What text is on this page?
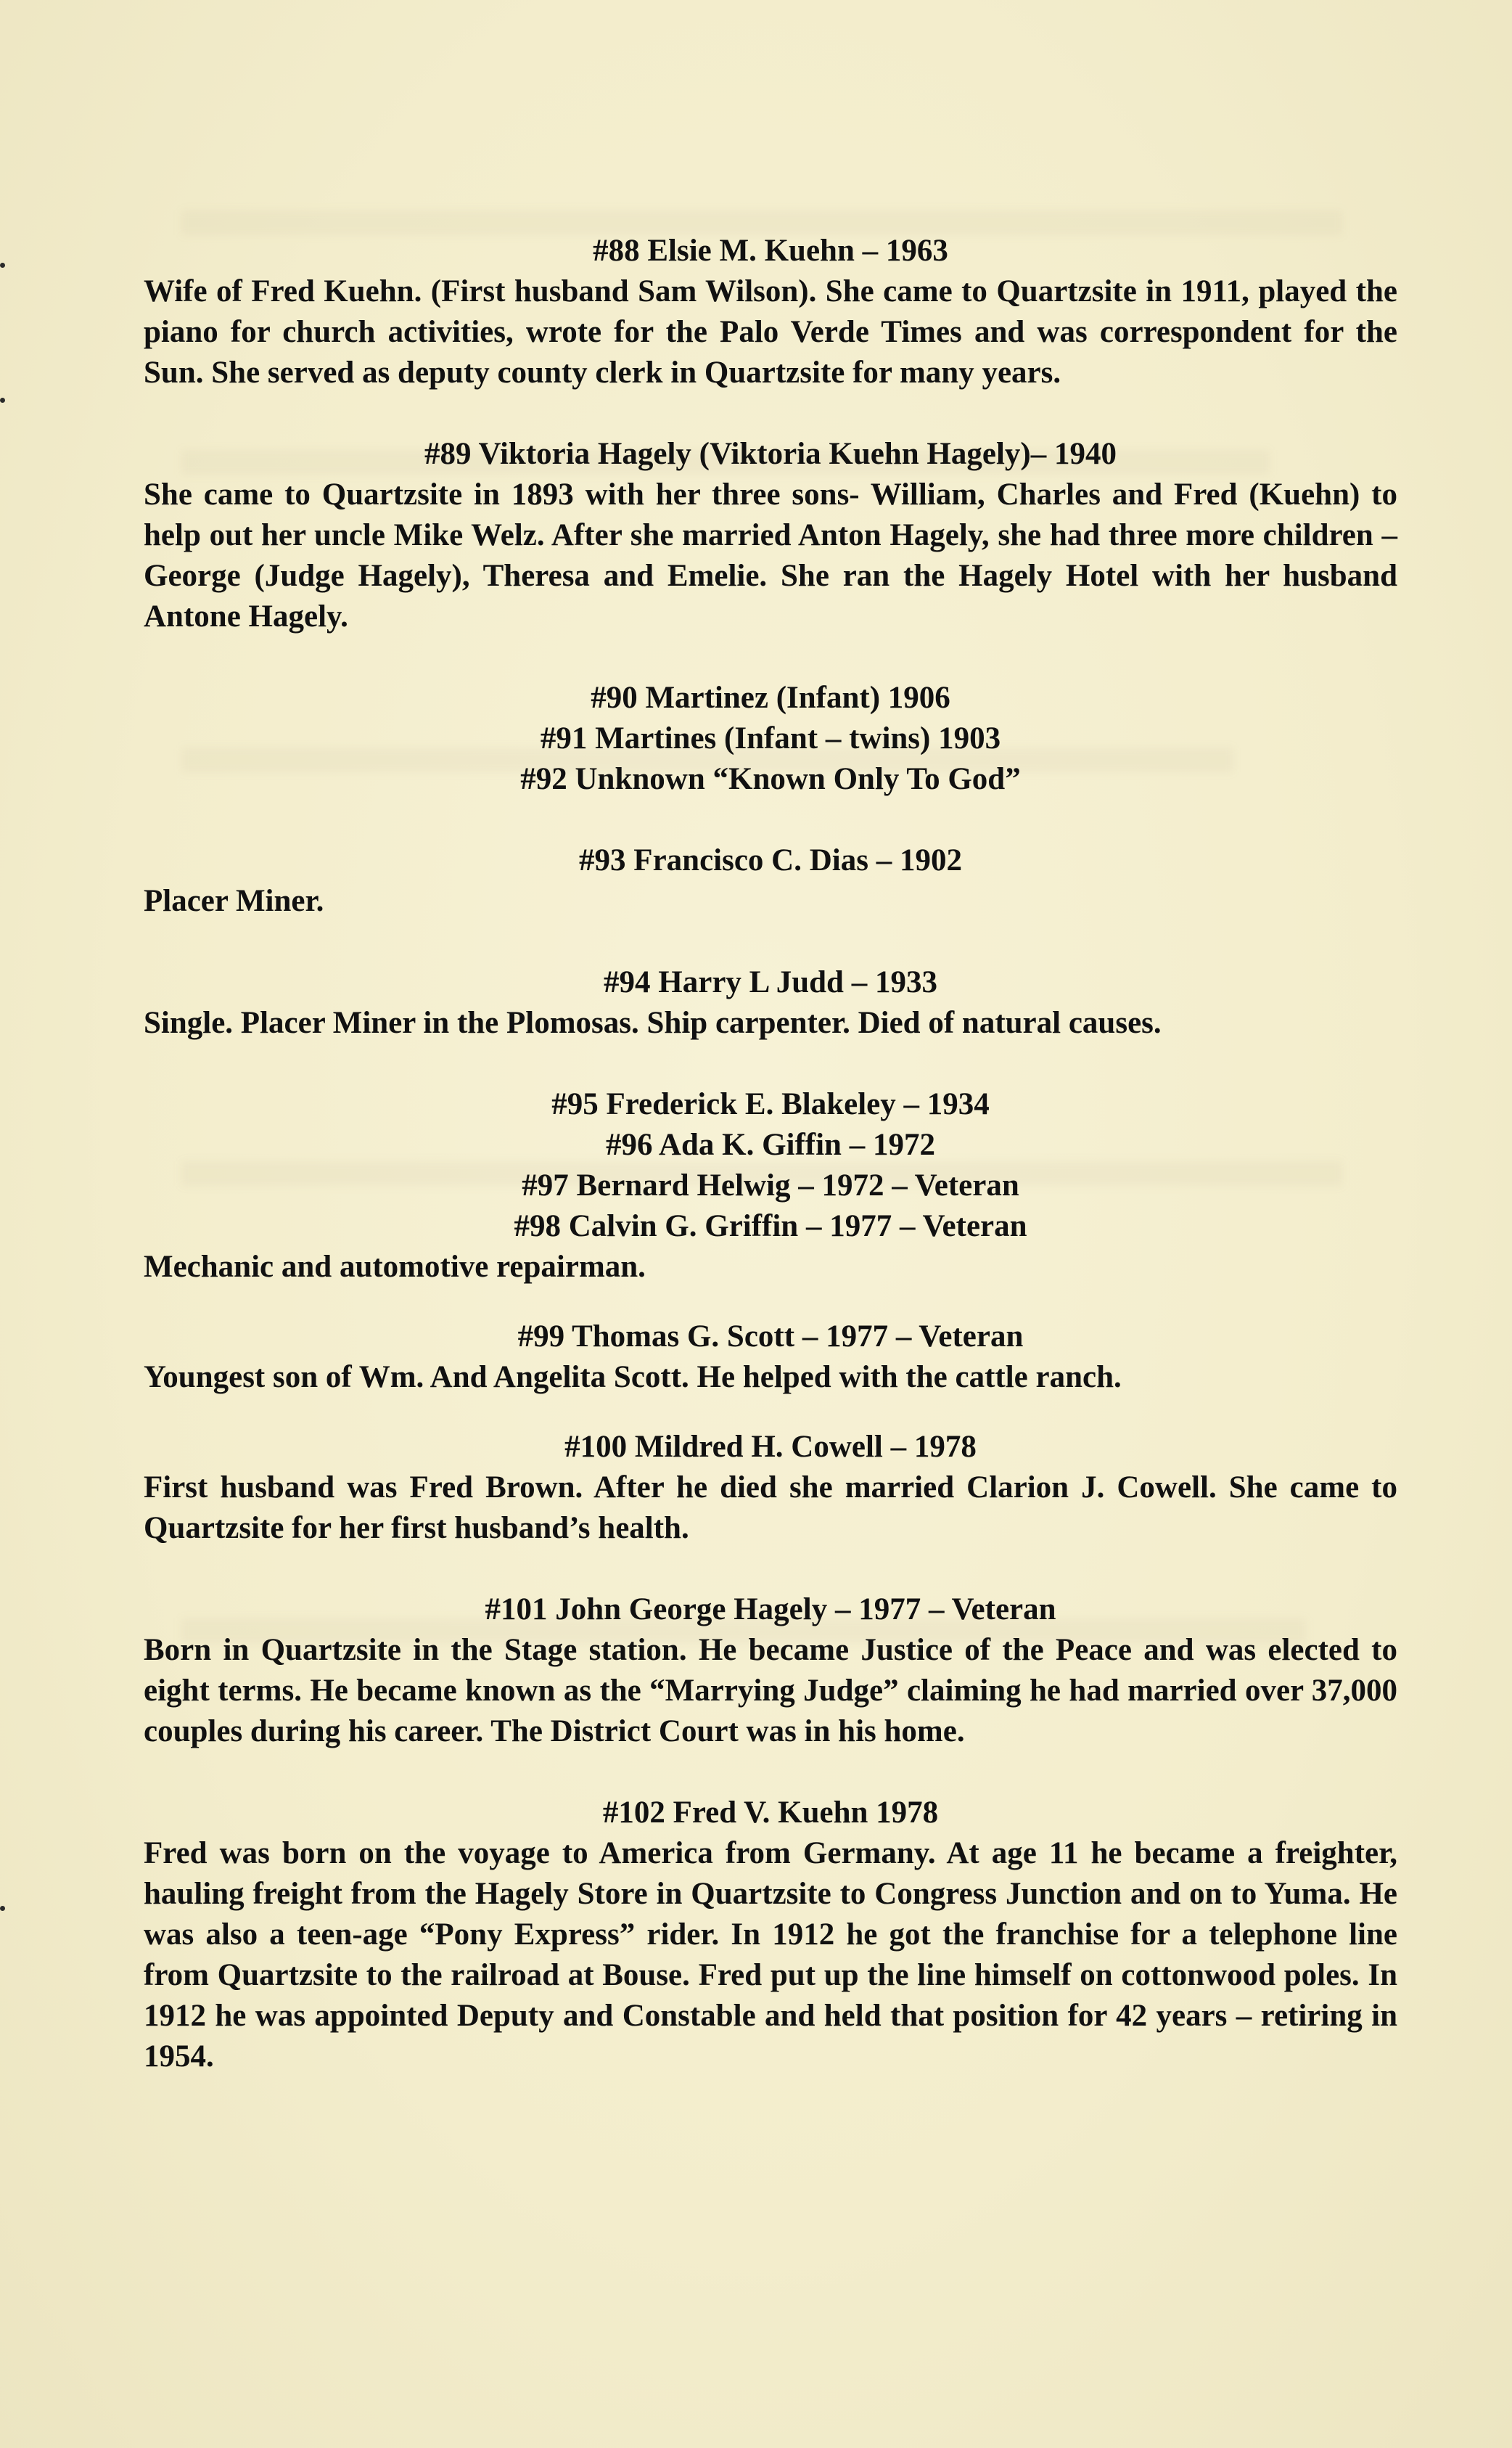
#88 Elsie M. Kuehn – 1963

Wife of Fred Kuehn. (First husband Sam Wilson). She came to Quartzsite in 1911, played the piano for church activities, wrote for the Palo Verde Times and was correspondent for the Sun. She served as deputy county clerk in Quartzsite for many years.

#89 Viktoria Hagely (Viktoria Kuehn Hagely)– 1940

She came to Quartzsite in 1893 with her three sons- William, Charles and Fred (Kuehn) to help out her uncle Mike Welz. After she married Anton Hagely, she had three more children – George (Judge Hagely), Theresa and Emelie. She ran the Hagely Hotel with her husband Antone Hagely.

#90 Martinez (Infant) 1906

#91 Martines (Infant – twins) 1903

#92 Unknown “Known Only To God”

#93 Francisco C. Dias – 1902

Placer Miner.

#94 Harry L Judd – 1933

Single. Placer Miner in the Plomosas. Ship carpenter. Died of natural causes.

#95 Frederick E. Blakeley – 1934

#96 Ada K. Giffin – 1972

#97 Bernard Helwig – 1972 – Veteran

#98 Calvin G. Griffin – 1977 – Veteran

Mechanic and automotive repairman.

#99 Thomas G. Scott – 1977 – Veteran

Youngest son of Wm. And Angelita Scott. He helped with the cattle ranch.

#100 Mildred H. Cowell – 1978

First husband was Fred Brown. After he died she married Clarion J. Cowell. She came to Quartzsite for her first husband’s health.

#101 John George Hagely – 1977 – Veteran

Born in Quartzsite in the Stage station. He became Justice of the Peace and was elected to eight terms. He became known as the “Marrying Judge” claiming he had married over 37,000 couples during his career. The District Court was in his home.

#102 Fred V. Kuehn 1978

Fred was born on the voyage to America from Germany. At age 11 he became a freighter, hauling freight from the Hagely Store in Quartzsite to Congress Junction and on to Yuma. He was also a teen-age “Pony Express” rider. In 1912 he got the franchise for a telephone line from Quartzsite to the railroad at Bouse. Fred put up the line himself on cottonwood poles. In 1912 he was appointed Deputy and Constable and held that position for 42 years – retiring in 1954.
